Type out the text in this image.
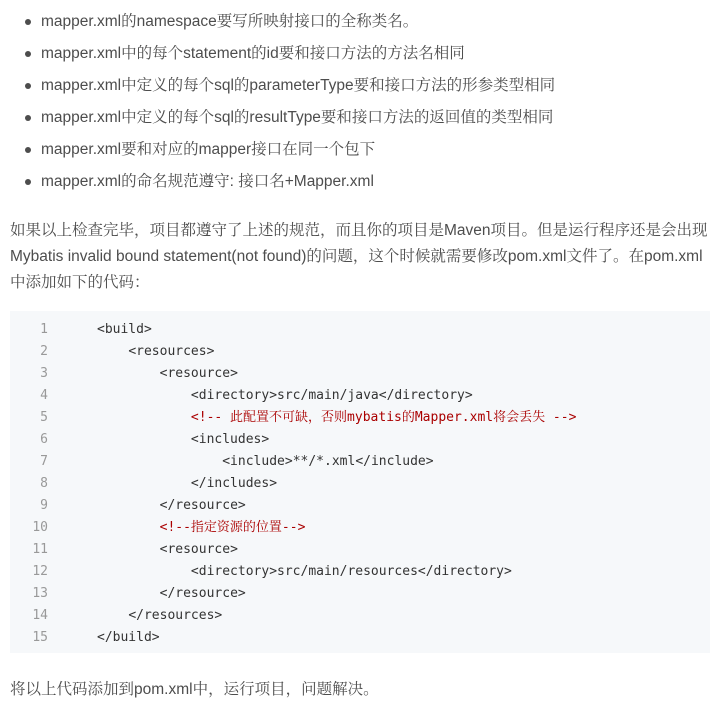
mapper.xml的namespace要写所映射接口的全称类名。
mapper.xml中的每个statement的id要和接口方法的方法名相同
mapper.xml中定义的每个sql的parameterType要和接口方法的形参类型相同
mapper.xml中定义的每个sql的resultType要和接口方法的返回值的类型相同
mapper.xml要和对应的mapper接口在同一个包下
mapper.xml的命名规范遵守: 接口名+Mapper.xml

如果以上检查完毕，项目都遵守了上述的规范，而且你的项目是Maven项目。但是运行程序还是会出现Mybatis invalid bound statement(not found)的问题，这个时候就需要修改pom.xml文件了。在pom.xml中添加如下的代码：

1	<build>
2	<resources>
3	<resource>
4	<directory>src/main/java</directory>
5	<!-- 此配置不可缺，否则mybatis的Mapper.xml将会丢失 -->
6	<includes>
7	<include>**/*.xml</include>
8	</includes>
9	</resource>
10	<!--指定资源的位置-->
11	<resource>
12	<directory>src/main/resources</directory>
13	</resource>
14	</resources>
15	</build>

将以上代码添加到pom.xml中，运行项目，问题解决。
